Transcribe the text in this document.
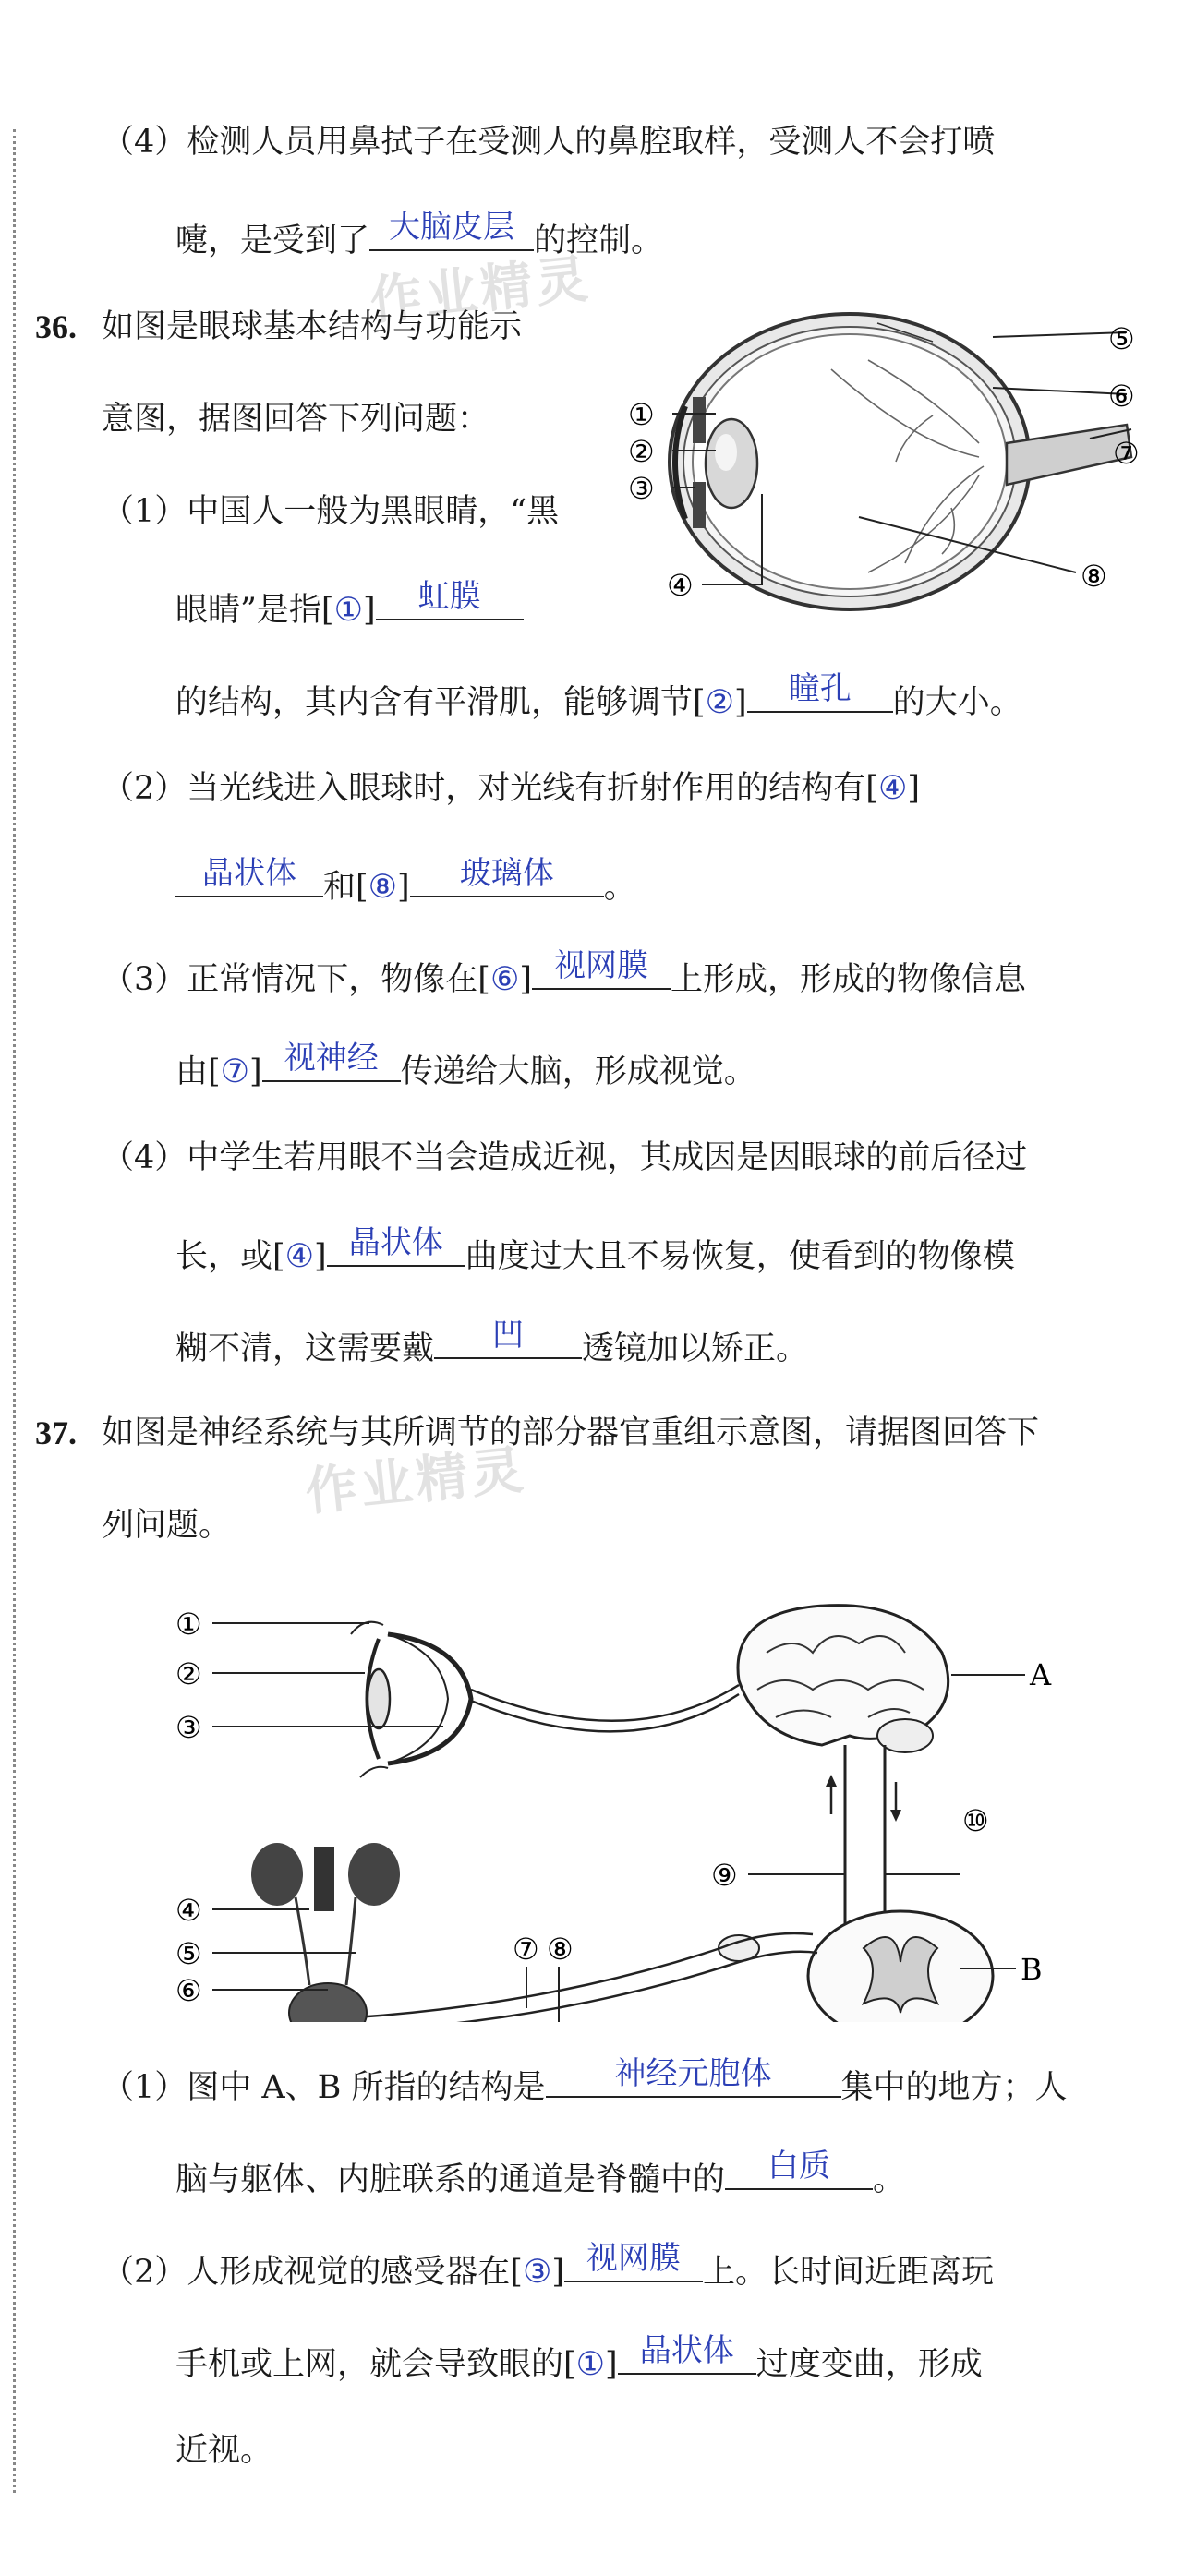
作业精灵
作业精灵
（4）检测人员用鼻拭子在受测人的鼻腔取样，受测人不会打喷
嚏，是受到了 大脑皮层 的控制。
36. 如图是眼球基本结构与功能示
意图，据图回答下列问题：	①
②
③
④
⑤
⑥
⑦
⑧
（1）中国人一般为黑眼睛，“黑
眼睛”是指[①]	虹膜
的结构，其内含有平滑肌，能够调节[②]	瞳孔	的大小。
（2）当光线进入眼球时，对光线有折射作用的结构有[④]
晶状体 和[⑧]	玻璃体	。
（3）正常情况下，物像在[⑥] 视网膜 上形成，形成的物像信息
由[⑦] 视神经 传递给大脑，形成视觉。
（4）中学生若用眼不当会造成近视，其成因是因眼球的前后径过
长，或[④] 晶状体 曲度过大且不易恢复，使看到的物像模
糊不清，这需要戴	凹	透镜加以矫正。
37. 如图是神经系统与其所调节的部分器官重组示意图，请据图回答下
列问题。
①
②
③
④
⑤
⑥
⑦ ⑧
⑨
⑩
A
B
（1）图中 A、B 所指的结构是	神经元胞体	集中的地方；人
脑与躯体、内脏联系的通道是脊髓中的	白质	。
（2）人形成视觉的感受器在[③] 视网膜 上。长时间近距离玩
手机或上网，就会导致眼的[①] 晶状体 过度变曲，形成
近视。
